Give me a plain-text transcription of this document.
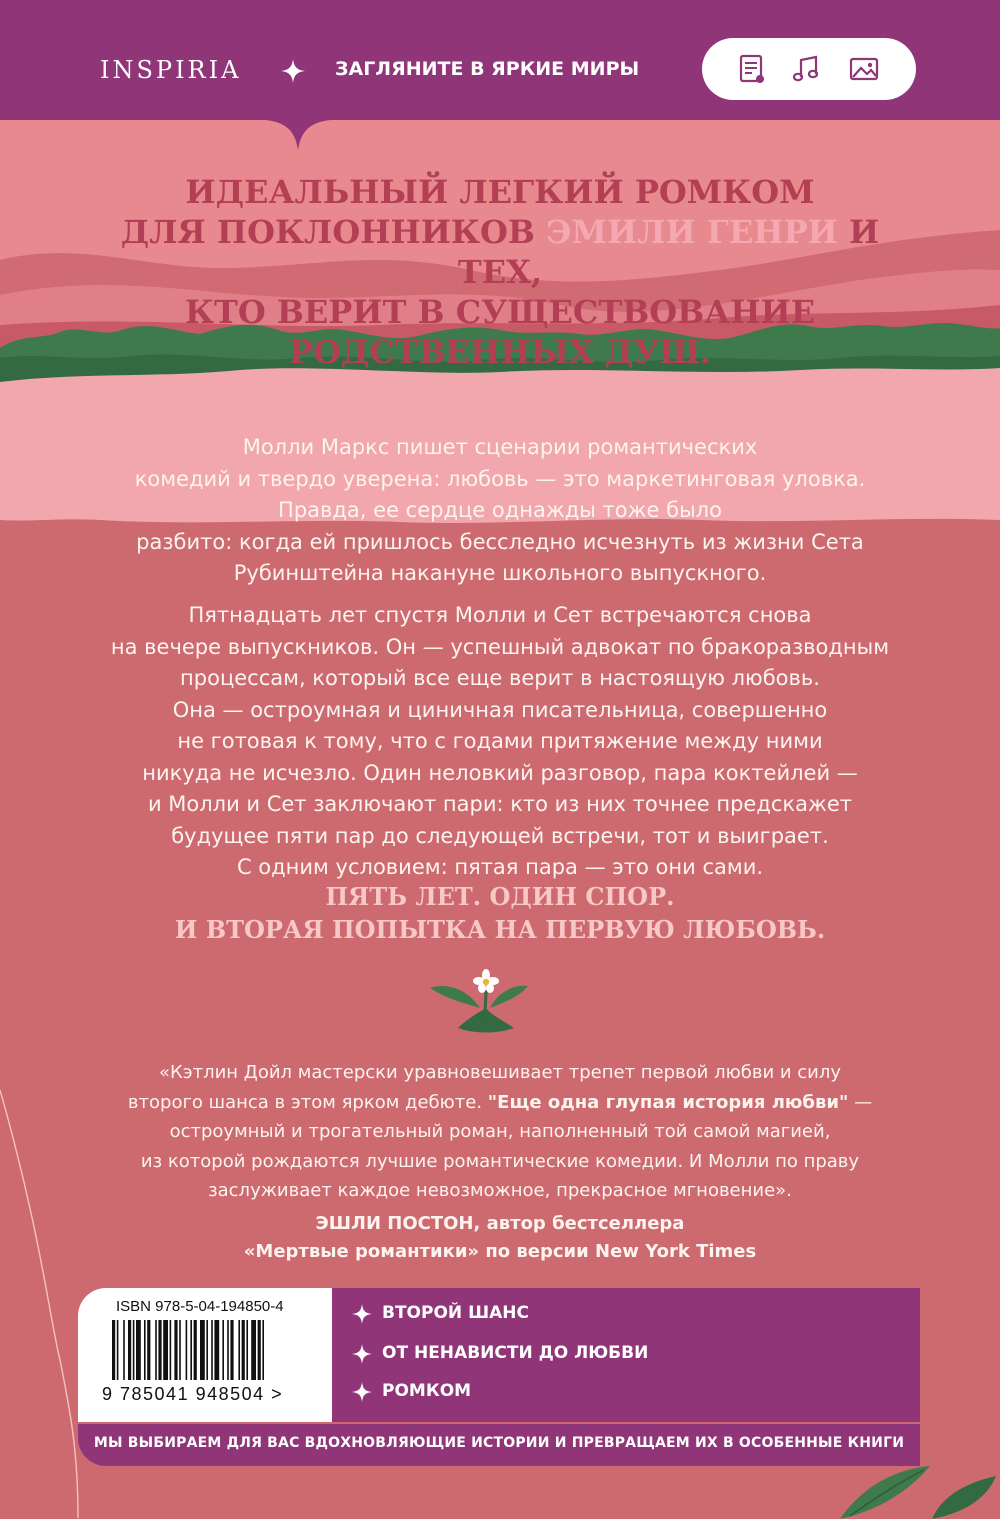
INSPIRIA	ЗАГЛЯНИТЕ В ЯРКИЕ МИРЫ
ИДЕАЛЬНЫЙ ЛЕГКИЙ РОМКОМ
ДЛЯ ПОКЛОННИКОВ ЭМИЛИ ГЕНРИ И ТЕХ,
КТО ВЕРИТ В СУЩЕСТВОВАНИЕ
РОДСТВЕННЫХ ДУШ.
Молли Маркс пишет сценарии романтических
комедий и твердо уверена: любовь — это маркетинговая уловка.
Правда, ее сердце однажды тоже было
разбито: когда ей пришлось бесследно исчезнуть из жизни Сета
Рубинштейна накануне школьного выпускного.
Пятнадцать лет спустя Молли и Сет встречаются снова
на вечере выпускников. Он — успешный адвокат по бракоразводным
процессам, который все еще верит в настоящую любовь.
Она — остроумная и циничная писательница, совершенно
не готовая к тому, что с годами притяжение между ними
никуда не исчезло. Один неловкий разговор, пара коктейлей —
и Молли и Сет заключают пари: кто из них точнее предскажет
будущее пяти пар до следующей встречи, тот и выиграет.
С одним условием: пятая пара — это они сами.
ПЯТЬ ЛЕТ. ОДИН СПОР.
И ВТОРАЯ ПОПЫТКА НА ПЕРВУЮ ЛЮБОВЬ.
«Кэтлин Дойл мастерски уравновешивает трепет первой любви и силу
второго шанса в этом ярком дебюте. "Еще одна глупая история любви" —
остроумный и трогательный роман, наполненный той самой магией,
из которой рождаются лучшие романтические комедии. И Молли по праву
заслуживает каждое невозможное, прекрасное мгновение».
ЭШЛИ ПОСТОН, автор бестселлера
«Мертвые романтики» по версии New York Times
ISBN 978-5-04-194850-4
9 785041 948504 >
ВТОРОЙ ШАНС
ОТ НЕНАВИСТИ ДО ЛЮБВИ
РОМКОМ
МЫ ВЫБИРАЕМ ДЛЯ ВАС ВДОХНОВЛЯЮЩИЕ ИСТОРИИ И ПРЕВРАЩАЕМ ИХ В ОСОБЕННЫЕ КНИГИ
